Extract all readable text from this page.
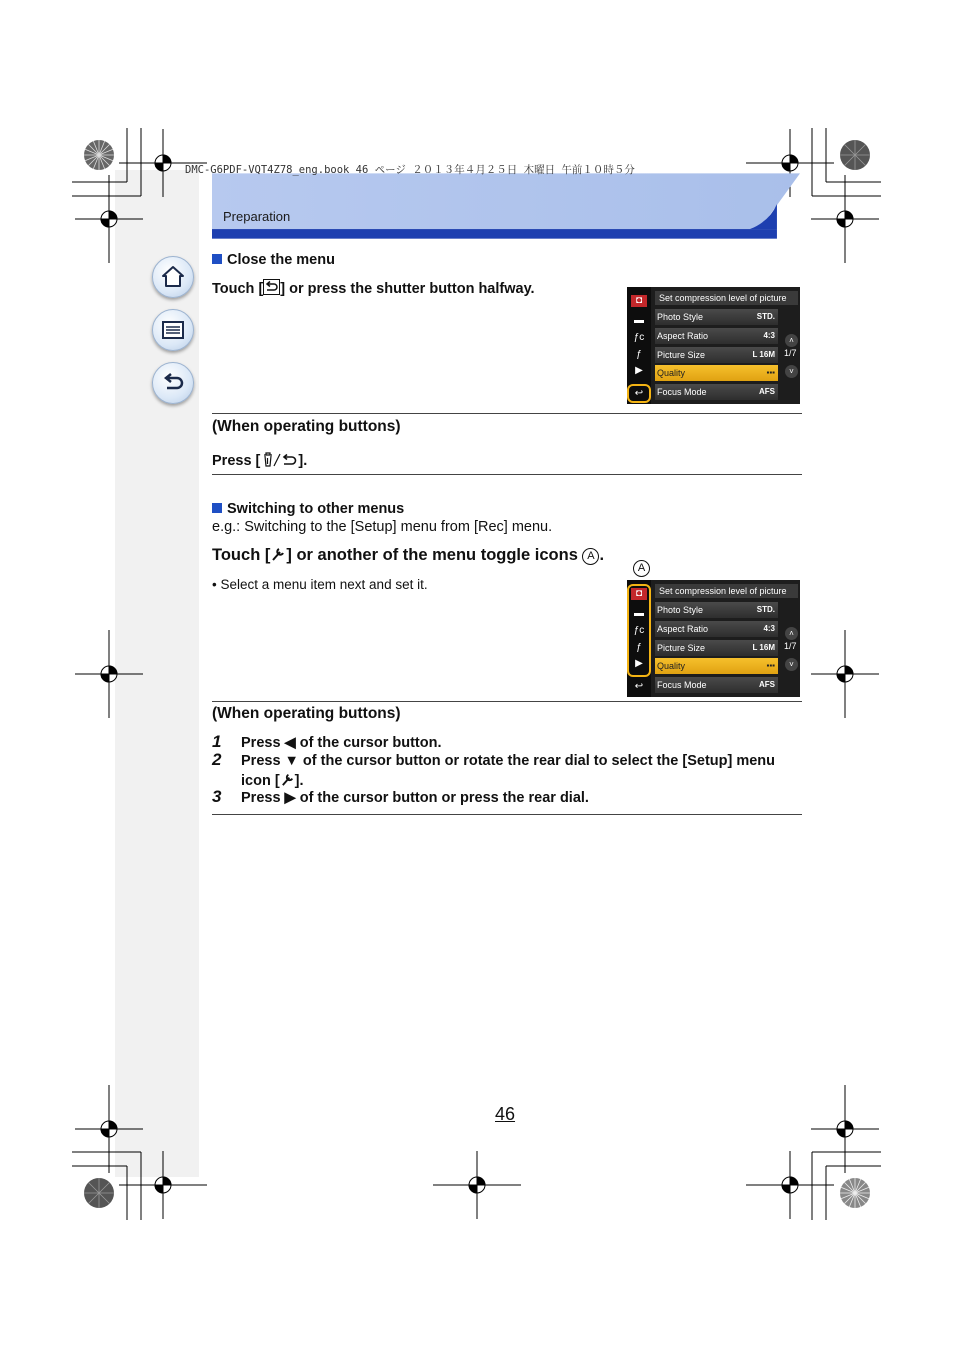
Preparation
DMC-G6PDF-VQT4Z78_eng.book 46 ページ ２０１３年４月２５日 木曜日 午前１０時５分
Close the menu
Touch [ ] or press the shutter button halfway.
◘
▬
ƒc
ƒ
▶
↩
Set compression level of picture
Photo Style	STD.
Aspect Ratio	4:3
Picture Size	L 16M
Quality	▪▪▪
Focus Mode	AFS
˄
1/7
˅
(When operating buttons)
Press [	].
Switching to other menus
e.g.: Switching to the [Setup] menu from [Rec] menu.
Touch [ ] or another of the menu toggle icons A .
• Select a menu item next and set it.
A
◘
▬
ƒc
ƒ
▶
↩
Set compression level of picture
Photo Style	STD.
Aspect Ratio	4:3
Picture Size	L 16M
Quality	▪▪▪
Focus Mode	AFS
˄
1/7
˅
(When operating buttons)
1 Press ◀ of the cursor button.
2 Press ▼ of the cursor button or rotate the rear dial to select the [Setup] menu
icon [ ].
3 Press ▶ of the cursor button or press the rear dial.
46
